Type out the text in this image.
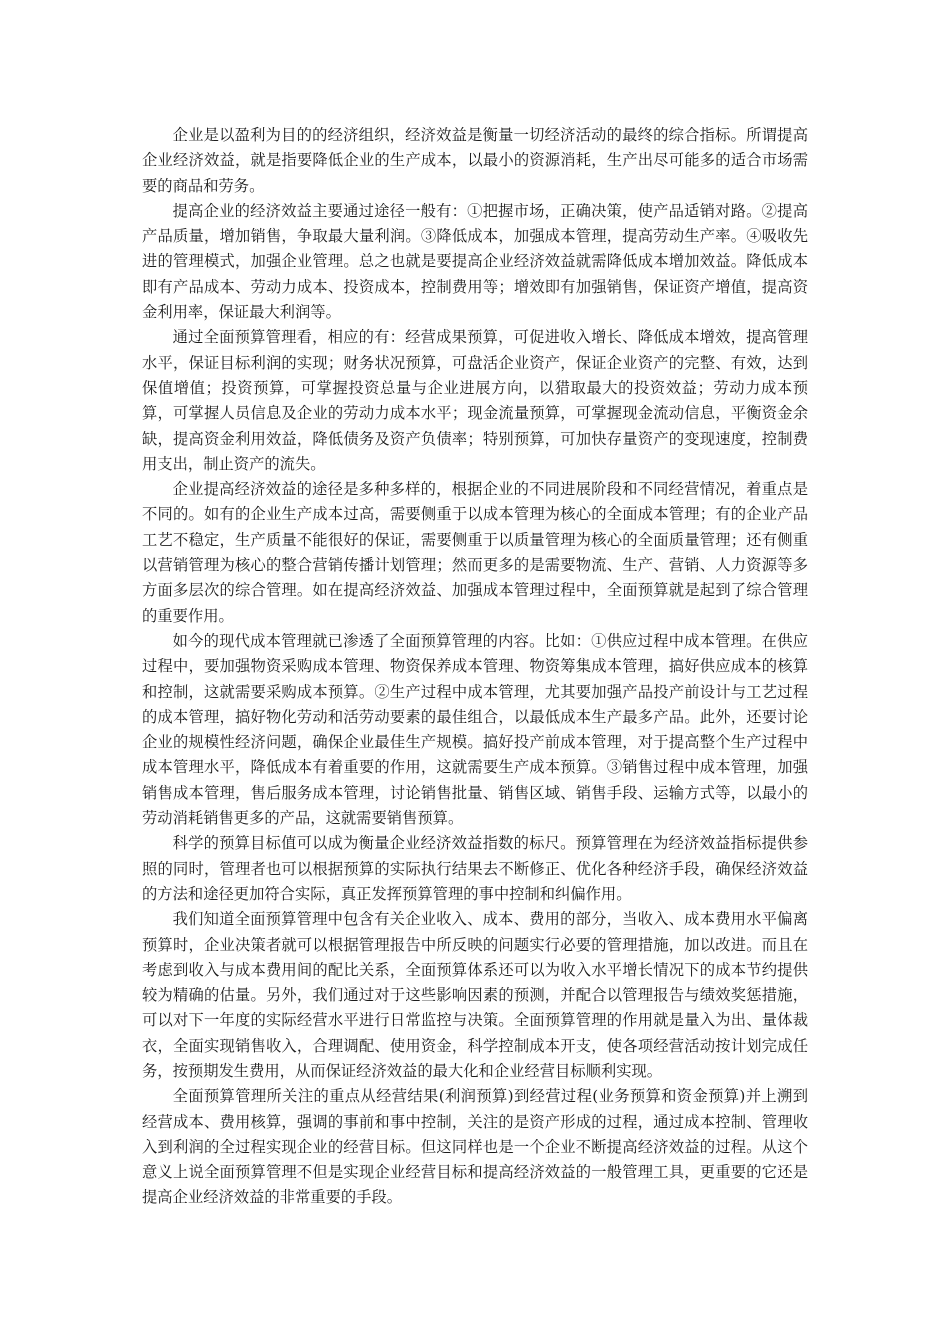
企业是以盈利为目的的经济组织，经济效益是衡量一切经济活动的最终的综合指标。所谓提高企业经济效益，就是指要降低企业的生产成本，以最小的资源消耗，生产出尽可能多的适合市场需要的商品和劳务。

提高企业的经济效益主要通过途径一般有：①把握市场，正确决策，使产品适销对路。②提高产品质量，增加销售，争取最大量利润。③降低成本，加强成本管理，提高劳动生产率。④吸收先进的管理模式，加强企业管理。总之也就是要提高企业经济效益就需降低成本增加效益。降低成本即有产品成本、劳动力成本、投资成本，控制费用等；增效即有加强销售，保证资产增值，提高资金利用率，保证最大利润等。

通过全面预算管理看，相应的有：经营成果预算，可促进收入增长、降低成本增效，提高管理水平，保证目标利润的实现；财务状况预算，可盘活企业资产，保证企业资产的完整、有效，达到保值增值；投资预算，可掌握投资总量与企业进展方向，以猎取最大的投资效益；劳动力成本预算，可掌握人员信息及企业的劳动力成本水平；现金流量预算，可掌握现金流动信息，平衡资金余缺，提高资金利用效益，降低债务及资产负债率；特别预算，可加快存量资产的变现速度，控制费用支出，制止资产的流失。

企业提高经济效益的途径是多种多样的，根据企业的不同进展阶段和不同经营情况，着重点是不同的。如有的企业生产成本过高，需要侧重于以成本管理为核心的全面成本管理；有的企业产品工艺不稳定，生产质量不能很好的保证，需要侧重于以质量管理为核心的全面质量管理；还有侧重以营销管理为核心的整合营销传播计划管理；然而更多的是需要物流、生产、营销、人力资源等多方面多层次的综合管理。如在提高经济效益、加强成本管理过程中，全面预算就是起到了综合管理的重要作用。

如今的现代成本管理就已渗透了全面预算管理的内容。比如：①供应过程中成本管理。在供应过程中，要加强物资采购成本管理、物资保养成本管理、物资筹集成本管理，搞好供应成本的核算和控制，这就需要采购成本预算。②生产过程中成本管理，尤其要加强产品投产前设计与工艺过程的成本管理，搞好物化劳动和活劳动要素的最佳组合，以最低成本生产最多产品。此外，还要讨论企业的规模性经济问题，确保企业最佳生产规模。搞好投产前成本管理，对于提高整个生产过程中成本管理水平，降低成本有着重要的作用，这就需要生产成本预算。③销售过程中成本管理，加强销售成本管理，售后服务成本管理，讨论销售批量、销售区域、销售手段、运输方式等，以最小的劳动消耗销售更多的产品，这就需要销售预算。

科学的预算目标值可以成为衡量企业经济效益指数的标尺。预算管理在为经济效益指标提供参照的同时，管理者也可以根据预算的实际执行结果去不断修正、优化各种经济手段，确保经济效益的方法和途径更加符合实际，真正发挥预算管理的事中控制和纠偏作用。

我们知道全面预算管理中包含有关企业收入、成本、费用的部分，当收入、成本费用水平偏离预算时，企业决策者就可以根据管理报告中所反映的问题实行必要的管理措施，加以改进。而且在考虑到收入与成本费用间的配比关系，全面预算体系还可以为收入水平增长情况下的成本节约提供较为精确的估量。另外，我们通过对于这些影响因素的预测，并配合以管理报告与绩效奖惩措施，可以对下一年度的实际经营水平进行日常监控与决策。全面预算管理的作用就是量入为出、量体裁衣，全面实现销售收入，合理调配、使用资金，科学控制成本开支，使各项经营活动按计划完成任务，按预期发生费用，从而保证经济效益的最大化和企业经营目标顺利实现。

全面预算管理所关注的重点从经营结果(利润预算)到经营过程(业务预算和资金预算)并上溯到经营成本、费用核算，强调的事前和事中控制，关注的是资产形成的过程，通过成本控制、管理收入到利润的全过程实现企业的经营目标。但这同样也是一个企业不断提高经济效益的过程。从这个意义上说全面预算管理不但是实现企业经营目标和提高经济效益的一般管理工具，更重要的它还是提高企业经济效益的非常重要的手段。
